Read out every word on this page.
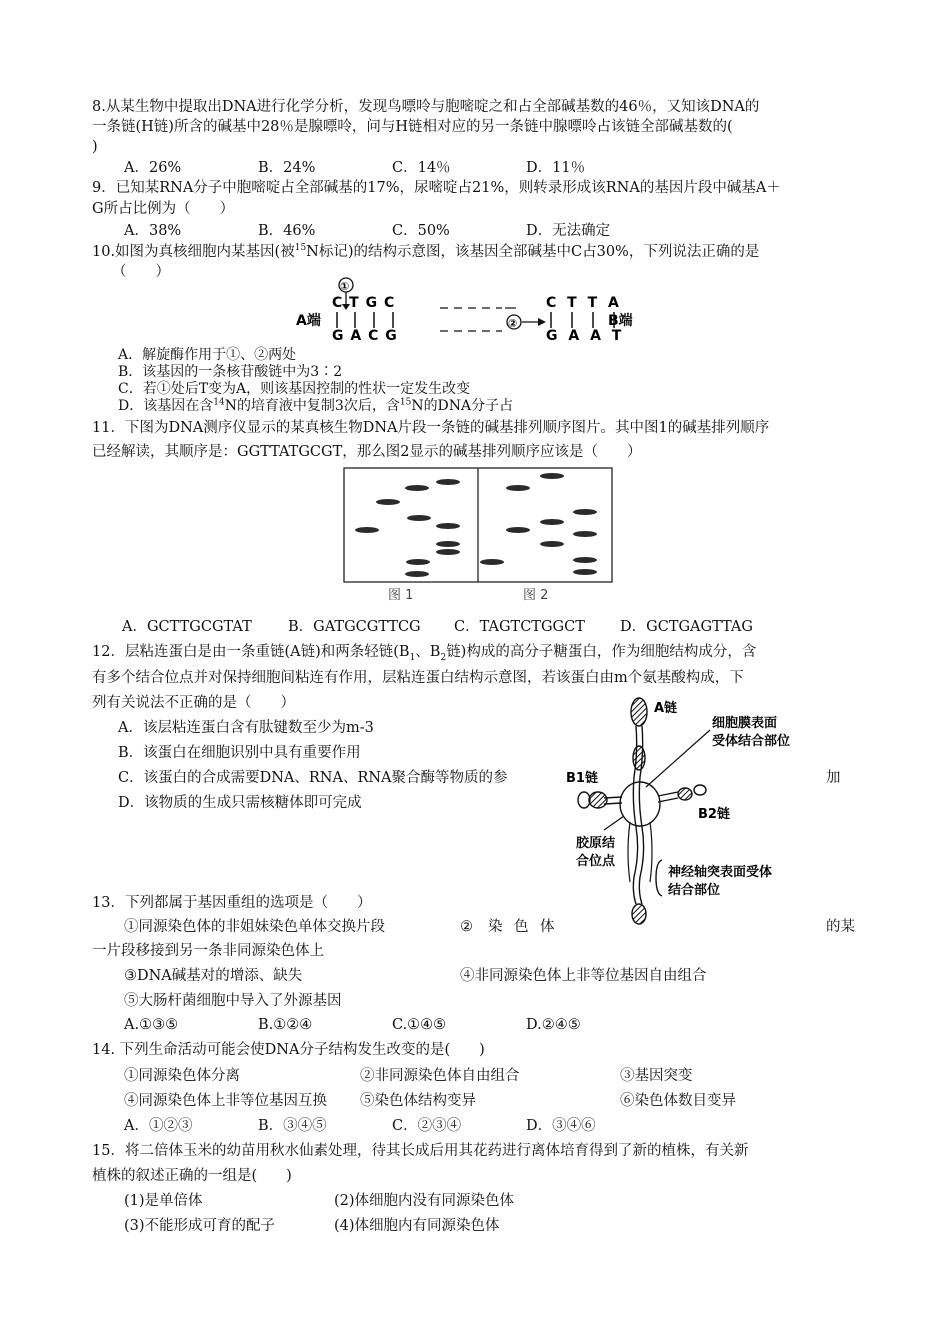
8.从某生物中提取出DNA进行化学分析，发现鸟嘌呤与胞嘧啶之和占全部碱基数的46％，又知该DNA的
一条链(H链)所含的碱基中28％是腺嘌呤，问与H链相对应的另一条链中腺嘌呤占该链全部碱基数的(
)
A．26%	B．24%	C．14％	D．11％
9．已知某RNA分子中胞嘧啶占全部碱基的17%，尿嘧啶占21%，则转录形成该RNA的基因片段中碱基A＋
G所占比例为（　　）
A．38%	B．46%	C．50%	D．无法确定
10.如图为真核细胞内某基因(被$^{15}$N标记)的结构示意图，该基因全部碱基中C占30%，下列说法正确的是
（　　）
A端	B端
①
C T G C
G A C G
②
C T T A
G A A T
A．解旋酶作用于①、②两处
B．该基因的一条核苷酸链中为3∶2
C．若①处后T变为A，则该基因控制的性状一定发生改变
D．该基因在含$^{14}$N的培育液中复制3次后，含$^{15}$N的DNA分子占
11．下图为DNA测序仪显示的某真核生物DNA片段一条链的碱基排列顺序图片。其中图1的碱基排列顺序
已经解读，其顺序是：GGTTATGCGT，那么图2显示的碱基排列顺序应该是（　　）
图 1	图 2
A．GCTTGCGTAT	B．GATGCGTTCG C．TAGTCTGGCT D．GCTGAGTTAG
12．层粘连蛋白是由一条重链(A链)和两条轻链($B_1$、$B_2$链)构成的高分子糖蛋白，作为细胞结构成分，含
有多个结合位点并对保持细胞间粘连有作用，层粘连蛋白结构示意图，若该蛋白由m个氨基酸构成，下
列有关说法不正确的是（　　）
A．该层粘连蛋白含有肽键数至少为m-3
B．该蛋白在细胞识别中具有重要作用
C．该蛋白的合成需要DNA、RNA、RNA聚合酶等物质的参	加
D．该物质的生成只需核糖体即可完成
A链
细胞膜表面
受体结合部位
B1链
B2链
胶原结
合位点
神经轴突表面受体
结合部位
13．下列都属于基因重组的选项是（　　）
①同源染色体的非姐妹染色单体交换片段	② 染 色 体	的某
一片段移接到另一条非同源染色体上
③DNA碱基对的增添、缺失	④非同源染色体上非等位基因自由组合
⑤大肠杆菌细胞中导入了外源基因
A.①③⑤	B.①②④	C.①④⑤	D.②④⑤
14. 下列生命活动可能会使DNA分子结构发生改变的是(　　)
①同源染色体分离	②非同源染色体自由组合	③基因突变
④同源染色体上非等位基因互换 ⑤染色体结构变异	⑥染色体数目变异
A．①②③	B．③④⑤	C．②③④	D．③④⑥
15．将二倍体玉米的幼苗用秋水仙素处理，待其长成后用其花药进行离体培育得到了新的植株，有关新
植株的叙述正确的一组是(　　)
(1)是单倍体	(2)体细胞内没有同源染色体
(3)不能形成可育的配子	(4)体细胞内有同源染色体
